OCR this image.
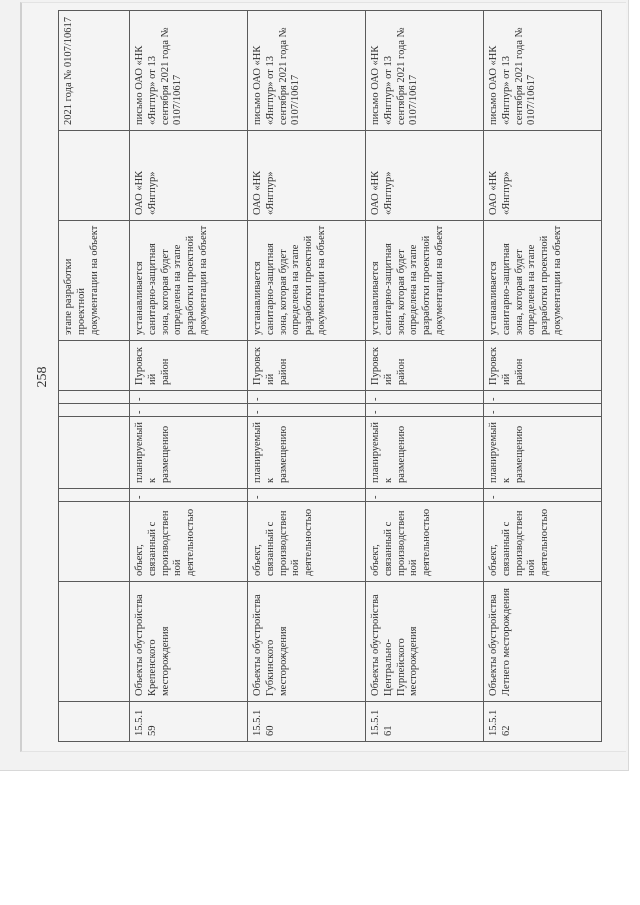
258
								этапе разработки проектной документации на объект		2021 года № 0107/10617
15.5.159	Объекты обустройства Крепенского месторождения	объект, связанный с производственной деятельностью	-	планируемый к размещению	-	-	Пуровский район	устанавливается санитарно-защитная зона, которая будет определена на этапе разработки проектной документации на объект	ОАО «НК «Янгпур»	письмо ОАО «НК «Янгпур» от 13 сентября 2021 года № 0107/10617
15.5.160	Объекты обустройства Губкинского месторождения	объект, связанный с производственной деятельностью	-	планируемый к размещению	-	-	Пуровский район	устанавливается санитарно-защитная зона, которая будет определена на этапе разработки проектной документации на объект	ОАО «НК «Янгпур»	письмо ОАО «НК «Янгпур» от 13 сентября 2021 года № 0107/10617
15.5.161	Объекты обустройства Центрально-Пурпейского месторождения	объект, связанный с производственной деятельностью	-	планируемый к размещению	-	-	Пуровский район	устанавливается санитарно-защитная зона, которая будет определена на этапе разработки проектной документации на объект	ОАО «НК «Янгпур»	письмо ОАО «НК «Янгпур» от 13 сентября 2021 года № 0107/10617
15.5.162	Объекты обустройства Летнего месторождения	объект, связанный с производственной деятельностью	-	планируемый к размещению	-	-	Пуровский район	устанавливается санитарно-защитная зона, которая будет определена на этапе разработки проектной документации на объект	ОАО «НК «Янгпур»	письмо ОАО «НК «Янгпур» от 13 сентября 2021 года № 0107/10617
